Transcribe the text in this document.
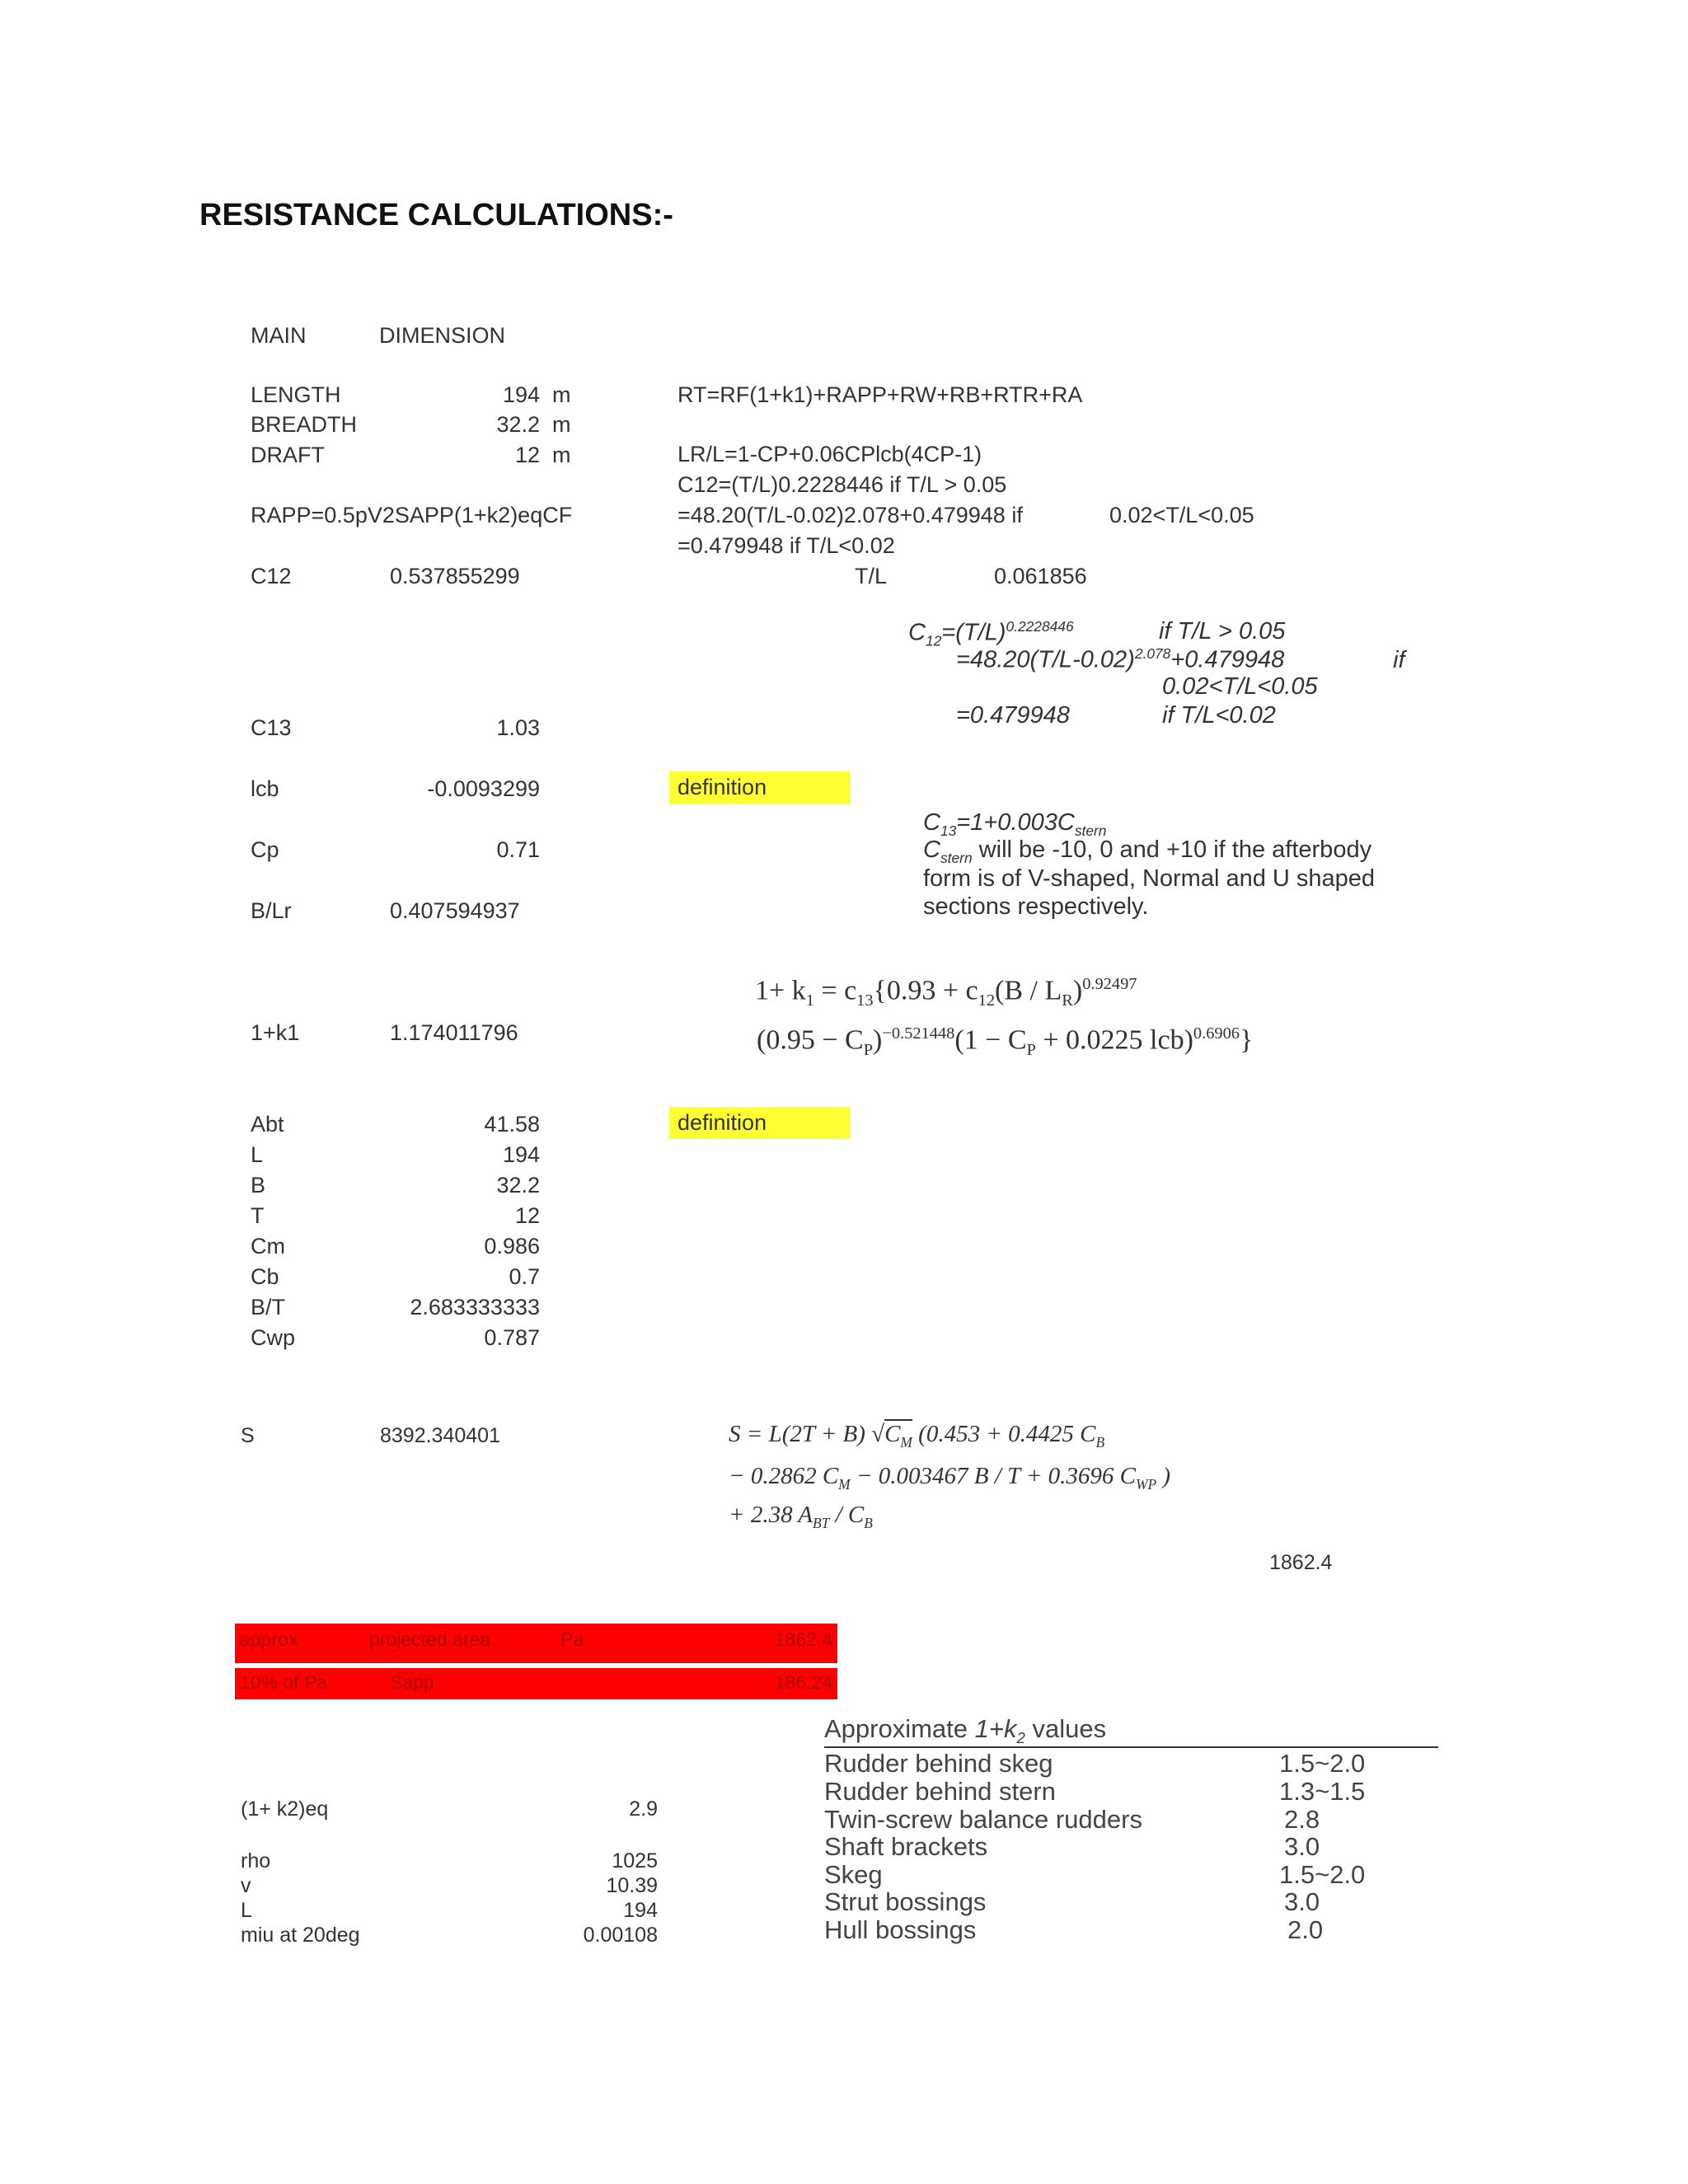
RESISTANCE CALCULATIONS:-
MAIN	DIMENSION
LENGTH	194 m
BREADTH	32.2 m
DRAFT	12 m
RT=RF(1+k1)+RAPP+RW+RB+RTR+RA
LR/L=1-CP+0.06CPlcb(4CP-1)
C12=(T/L)0.2228446 if T/L > 0.05
=48.20(T/L-0.02)2.078+0.479948 if	0.02<T/L<0.05
=0.479948 if T/L<0.02
T/L	0.061856
RAPP=0.5pV2SAPP(1+k2)eqCF
C12	0.537855299
$C_{12}=(T/L)^{0.2228446}$	if T/L > 0.05
$=48.20(T/L-0.02)^{2.078}+0.479948$	if
0.02<T/L<0.05
=0.479948	if T/L<0.02
C13	1.03
lcb	-0.0093299	definition
$C_{13}=1+0.003C_{stern}$
$C_{stern}$ will be -10, 0 and +10 if the afterbody
form is of V-shaped, Normal and U shaped
sections respectively.
Cp	0.71
B/Lr	0.407594937
$1+ k_1 = c_{13}\{0.93 + c_{12}(B / L_R)^{0.92497}$
$(0.95 - C_P)^{-0.521448}(1 - C_P + 0.0225$ lcb)$^{0.6906}$}
1+k1	1.174011796
Abt	41.58
L	194
B	32.2
T	12
Cm	0.986
Cb	0.7
B/T	2.683333333
Cwp	0.787
definition
S	8392.340401	S = L(2T + B) $√C_M$ (0.453 + 0.4425 $C_B$
− 0.2862 $C_M - 0.003467$ B / T + 0.3696 $C_{WP}$ )
+ 2.38 $A_{BT} / C_B$
1862.4
approx	projected area	Pa	1862.4
10% of Pa	Sapp	186.24
(1+ k2)eq	2.9
rho	1025
v	10.39
L	194
miu at 20deg	0.00108
Approximate $1+k_2$ values
Rudder behind skeg	1.5~2.0
Rudder behind stern	1.3~1.5
Twin-screw balance rudders	2.8
Shaft brackets	3.0
Skeg	1.5~2.0
Strut bossings	3.0
Hull bossings	2.0
